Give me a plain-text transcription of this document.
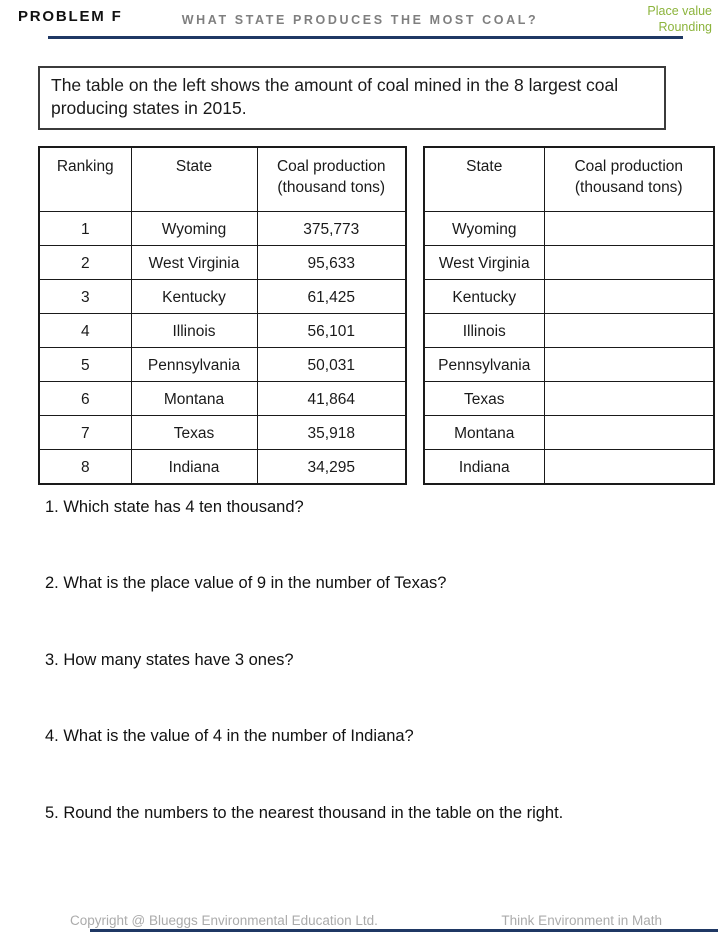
PROBLEM F	WHAT STATE PRODUCES THE MOST COAL?
Place value
Rounding
The table on the left shows the amount of coal mined in the 8 largest coal producing states in 2015.
Ranking	State	Coal production
(thousand tons)

1	Wyoming	375,773
2	West Virginia	95,633
3	Kentucky	61,425
4	Illinois	56,101
5	Pennsylvania	50,031
6	Montana	41,864
7	Texas	35,918
8	Indiana	34,295
State	Coal production
(thousand tons)

Wyoming	
West Virginia	
Kentucky	
Illinois	
Pennsylvania	
Texas	
Montana	
Indiana	

1. Which state has 4 ten thousand?

2. What is the place value of 9 in the number of Texas?

3. How many states have 3 ones?

4. What is the value of 4 in the number of Indiana?

5. Round the numbers to the nearest thousand in the table on the right.

Copyright @ Blueggs Environmental Education Ltd.	Think Environment in Math
